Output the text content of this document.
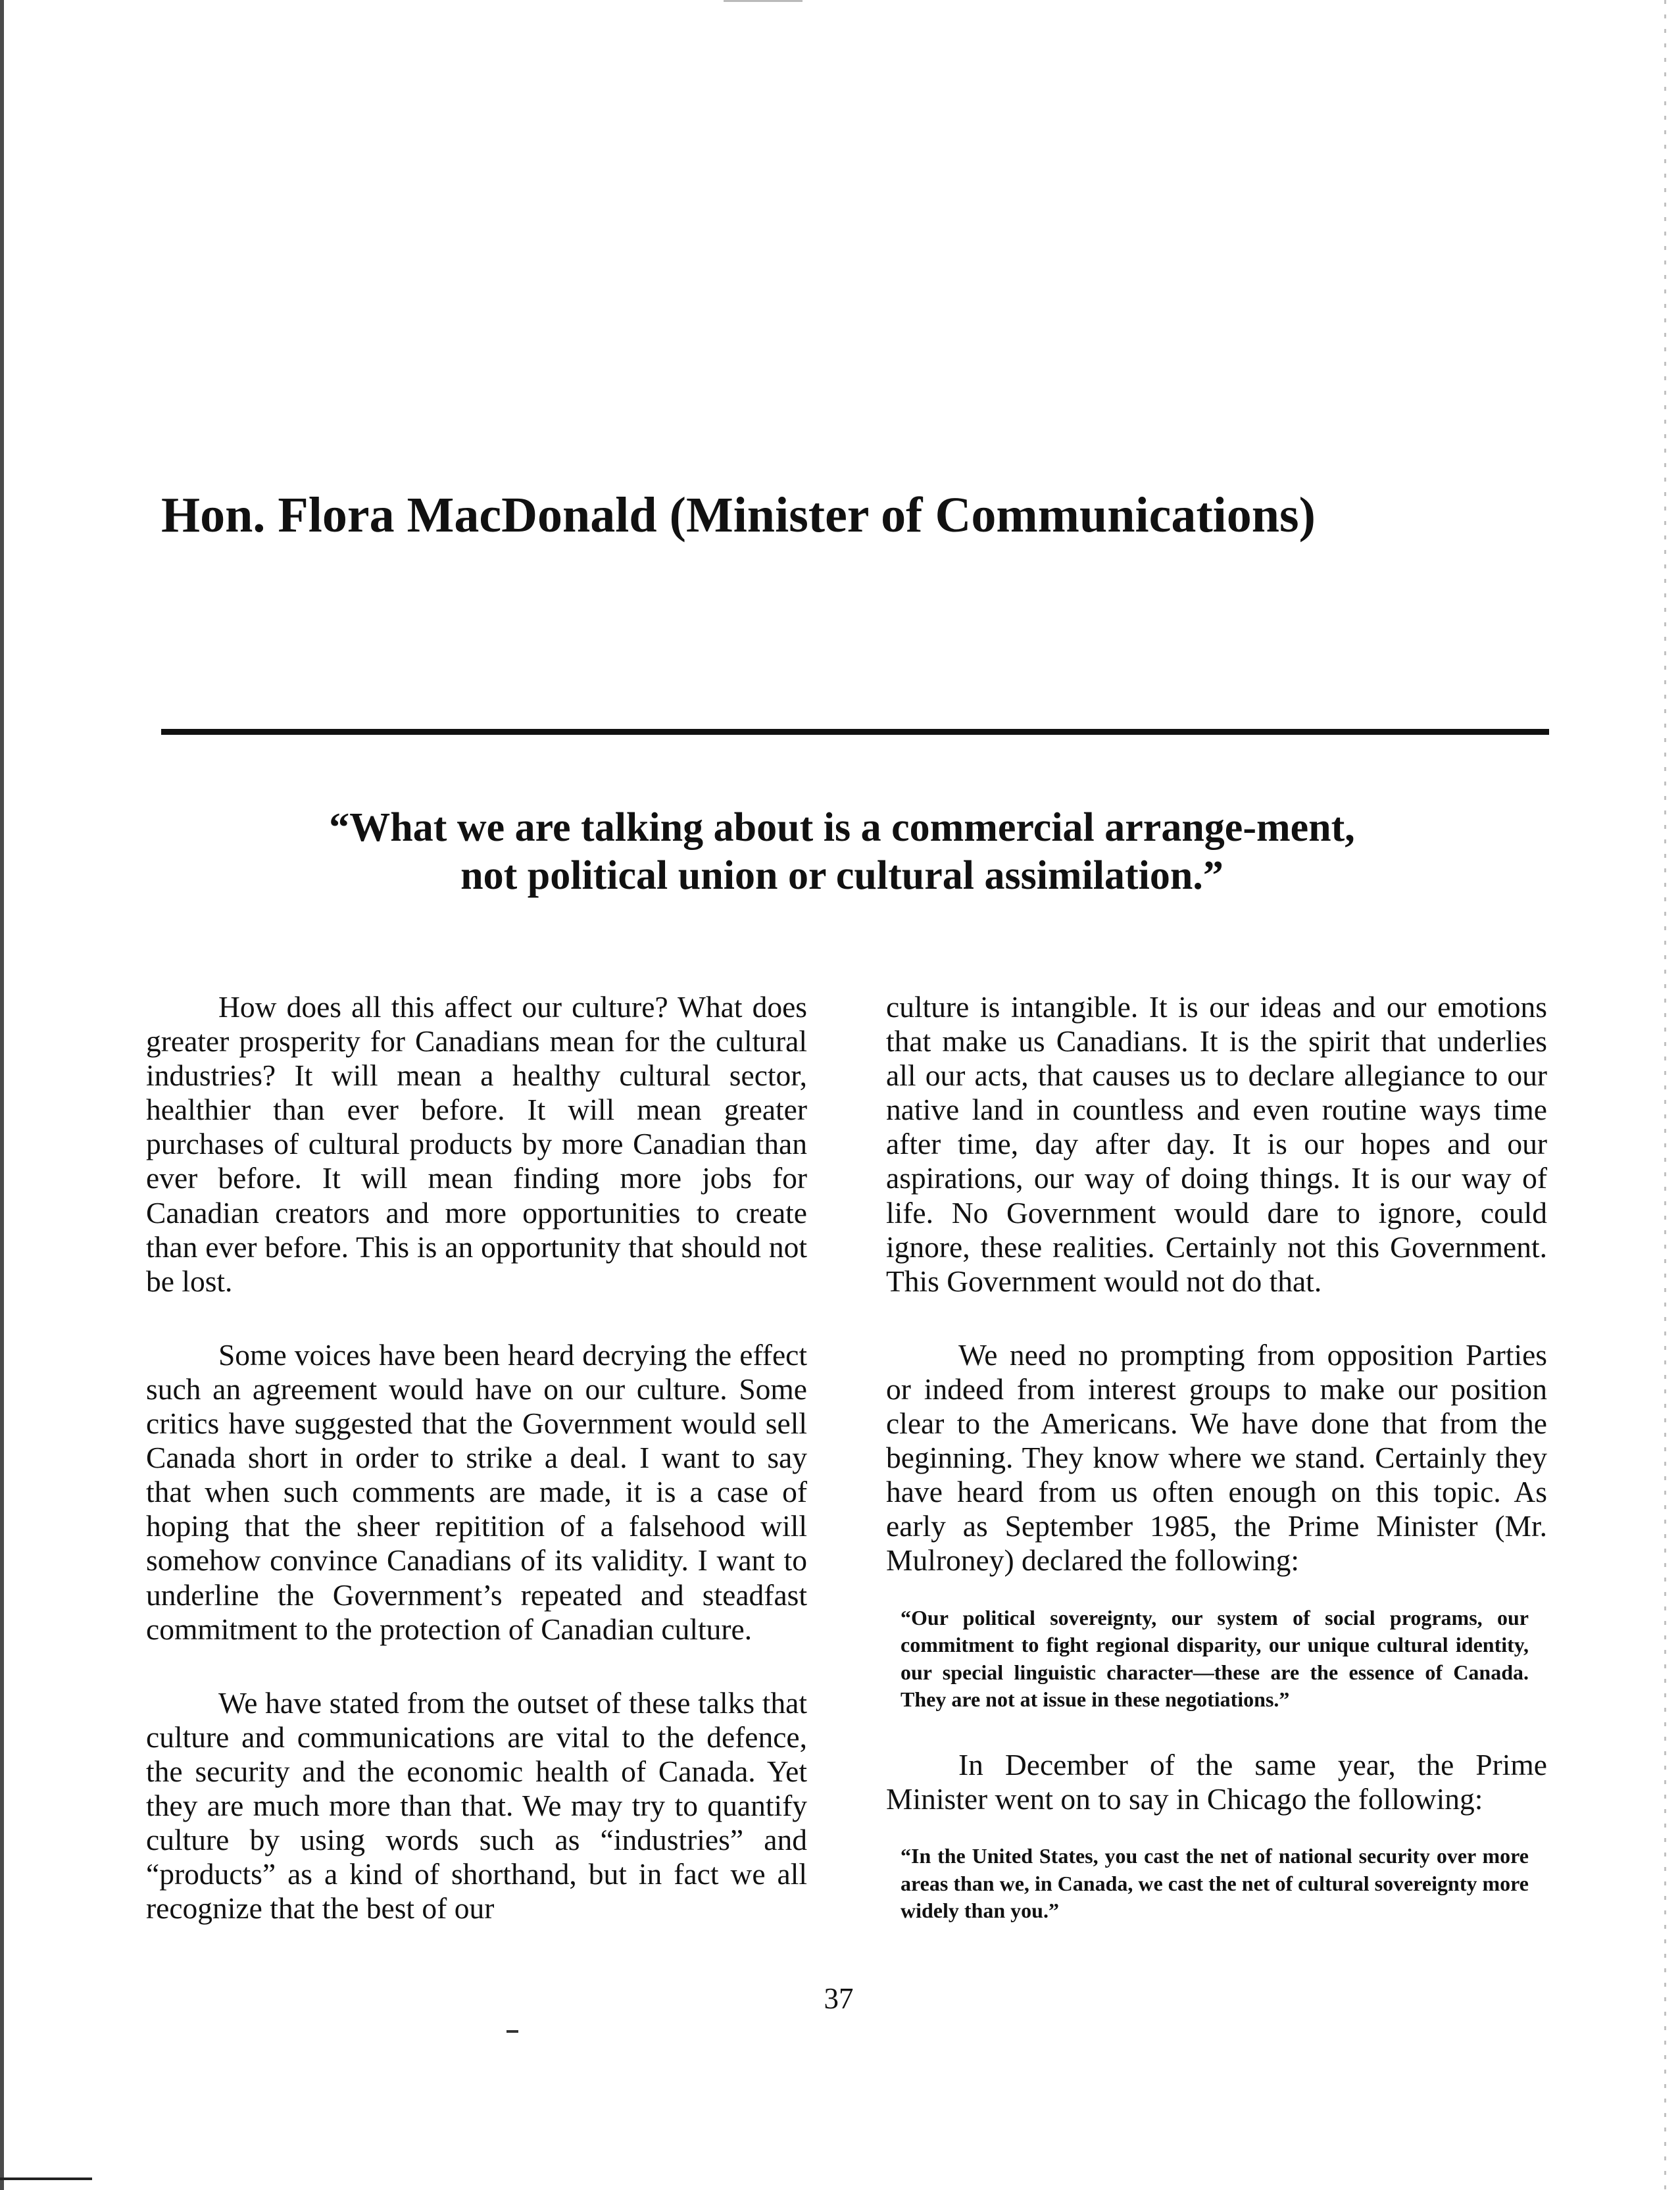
Hon. Flora MacDonald (Minister of Communications)
“What we are talking about is a commercial arrange-ment, not political union or cultural assimilation.”

How does all this affect our culture? What does greater prosperity for Canadians mean for the cultural industries? It will mean a healthy cultural sector, healthier than ever before. It will mean greater purchases of cultural products by more Canadian than ever before. It will mean finding more jobs for Canadian creators and more opportunities to create than ever before. This is an opportunity that should not be lost.

Some voices have been heard decrying the effect such an agreement would have on our culture. Some critics have suggested that the Government would sell Canada short in order to strike a deal. I want to say that when such comments are made, it is a case of hoping that the sheer repitition of a falsehood will somehow convince Canadians of its validity. I want to underline the Government’s repeated and steadfast commitment to the protection of Canadian culture.

We have stated from the outset of these talks that culture and communications are vital to the defence, the security and the economic health of Canada. Yet they are much more than that. We may try to quantify culture by using words such as “industries” and “products” as a kind of shorthand, but in fact we all recognize that the best of our

culture is intangible. It is our ideas and our emotions that make us Canadians. It is the spirit that underlies all our acts, that causes us to declare allegiance to our native land in countless and even routine ways time after time, day after day. It is our hopes and our aspirations, our way of doing things. It is our way of life. No Government would dare to ignore, could ignore, these realities. Certainly not this Government. This Government would not do that.

We need no prompting from opposition Parties or indeed from interest groups to make our position clear to the Americans. We have done that from the beginning. They know where we stand. Certainly they have heard from us often enough on this topic. As early as September 1985, the Prime Minister (Mr. Mulroney) declared the following:

“Our political sovereignty, our system of social programs, our commitment to fight regional disparity, our unique cultural identity, our special linguistic character—these are the essence of Canada. They are not at issue in these negotiations.”

In December of the same year, the Prime Minister went on to say in Chicago the following:

“In the United States, you cast the net of national security over more areas than we, in Canada, we cast the net of cultural sovereignty more widely than you.”

37
